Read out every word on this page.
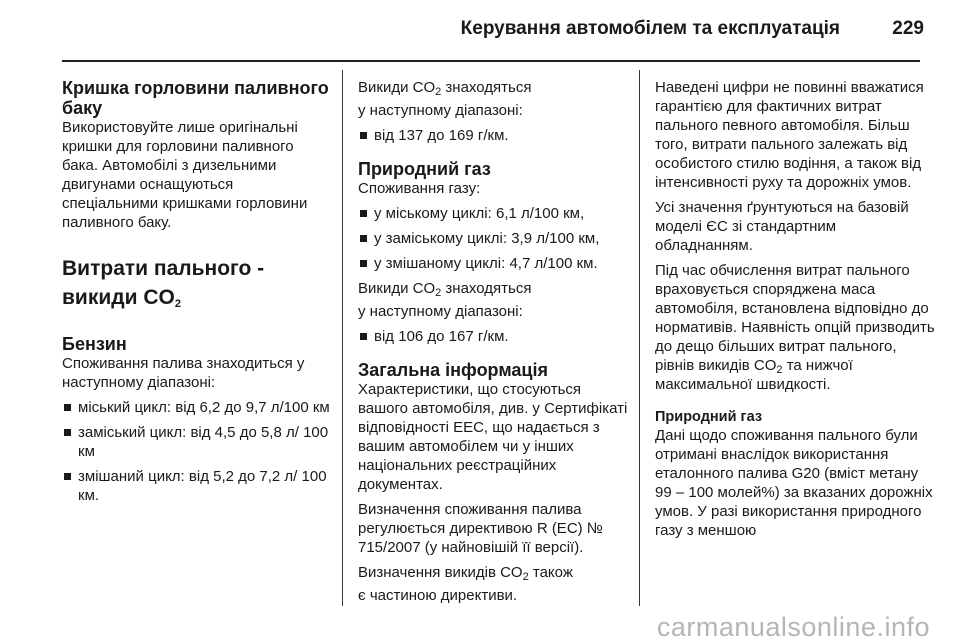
Керування автомобілем та експлуатація	229
Кришка горловини паливного баку

Використовуйте лише оригінальні кришки для горловини паливного бака. Автомобілі з дизельними двигунами оснащуються спеціальними кришками горловини паливного баку.

Витрати пального -
викиди $CO_2$
Бензин

Споживання палива знаходиться у наступному діапазоні:

міський цикл: від 6,2 до 9,7 л/100 км
заміський цикл: від 4,5 до 5,8 л/ 100 км
змішаний цикл: від 5,2 до 7,2 л/ 100 км.

Викиди $CO_2$ знаходяться

у наступному діапазоні:

від 137 до 169 г/км.
Природний газ

Споживання газу:

у міському циклі: 6,1 л/100 км,
у заміському циклі: 3,9 л/100 км,
у змішаному циклі: 4,7 л/100 км.

Викиди $CO_2$ знаходяться

у наступному діапазоні:

від 106 до 167 г/км.
Загальна інформація

Характеристики, що стосуються вашого автомобіля, див. у Сертифікаті відповідності ЕЕС, що надається з вашим автомобілем чи у інших національних реєстраційних документах.

Визначення споживання палива регулюється директивою R (ЕС) № 715/2007 (у найновішій її версії).

Визначення викидів $CO_2$ також

є частиною директиви.

Наведені цифри не повинні вважатися гарантією для фактичних витрат пального певного автомобіля. Більш того, витрати пального залежать від особистого стилю водіння, а також від інтенсивності руху та дорожніх умов.

Усі значення ґрунтуються на базовій моделі ЄС зі стандартним обладнанням.

Під час обчислення витрат пального враховується споряджена маса автомобіля, встановлена відповідно до нормативів. Наявність опцій призводить до дещо більших витрат пального, рівнів викидів $CO_2$ та нижчої максимальної швидкості.

Природний газ

Дані щодо споживання пального були отримані внаслідок використання еталонного палива G20 (вміст метану 99 – 100 молей%) за вказаних дорожніх умов. У разі використання природного газу з меншою

carmanualsonline.info
